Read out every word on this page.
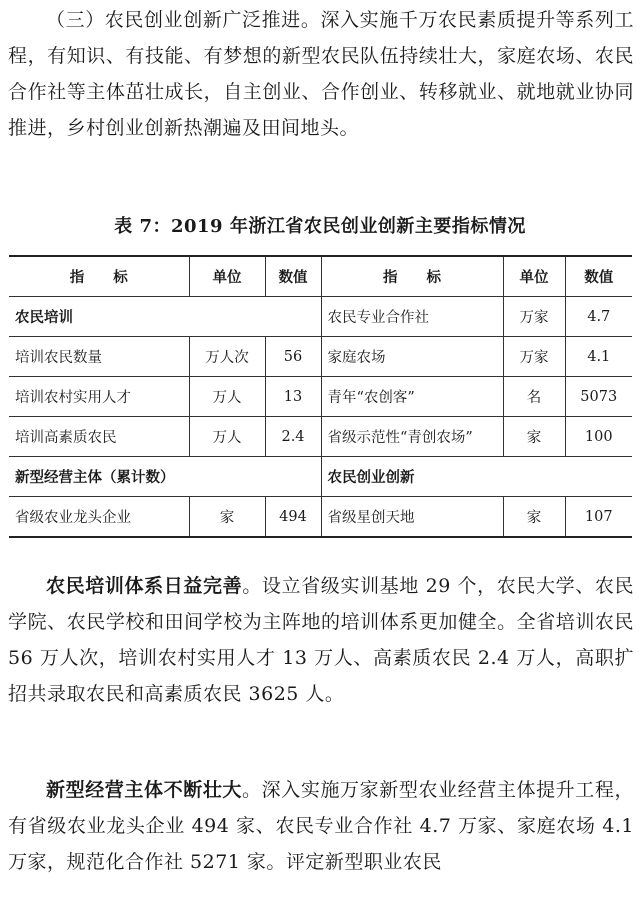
（三）农民创业创新广泛推进。深入实施千万农民素质提升等系列工程，有知识、有技能、有梦想的新型农民队伍持续壮大，家庭农场、农民合作社等主体茁壮成长，自主创业、合作创业、转移就业、就地就业协同推进，乡村创业创新热潮遍及田间地头。
表 7：2019 年浙江省农民创业创新主要指标情况
指　　标	单位	数值	指　　标	单位	数值
农民培训			农民专业合作社	万家	4.7
培训农民数量	万人次	56	家庭农场	万家	4.1
培训农村实用人才	万人	13	青年“农创客”	名	5073
培训高素质农民	万人	2.4	省级示范性“青创农场”	家	100
新型经营主体（累计数）			农民创业创新		
省级农业龙头企业	家	494	省级星创天地	家	107
农民培训体系日益完善。设立省级实训基地 29 个，农民大学、农民学院、农民学校和田间学校为主阵地的培训体系更加健全。全省培训农民 56 万人次，培训农村实用人才 13 万人、高素质农民 2.4 万人，高职扩招共录取农民和高素质农民 3625 人。
新型经营主体不断壮大。深入实施万家新型农业经营主体提升工程，有省级农业龙头企业 494 家、农民专业合作社 4.7 万家、家庭农场 4.1 万家，规范化合作社 5271 家。评定新型职业农民
